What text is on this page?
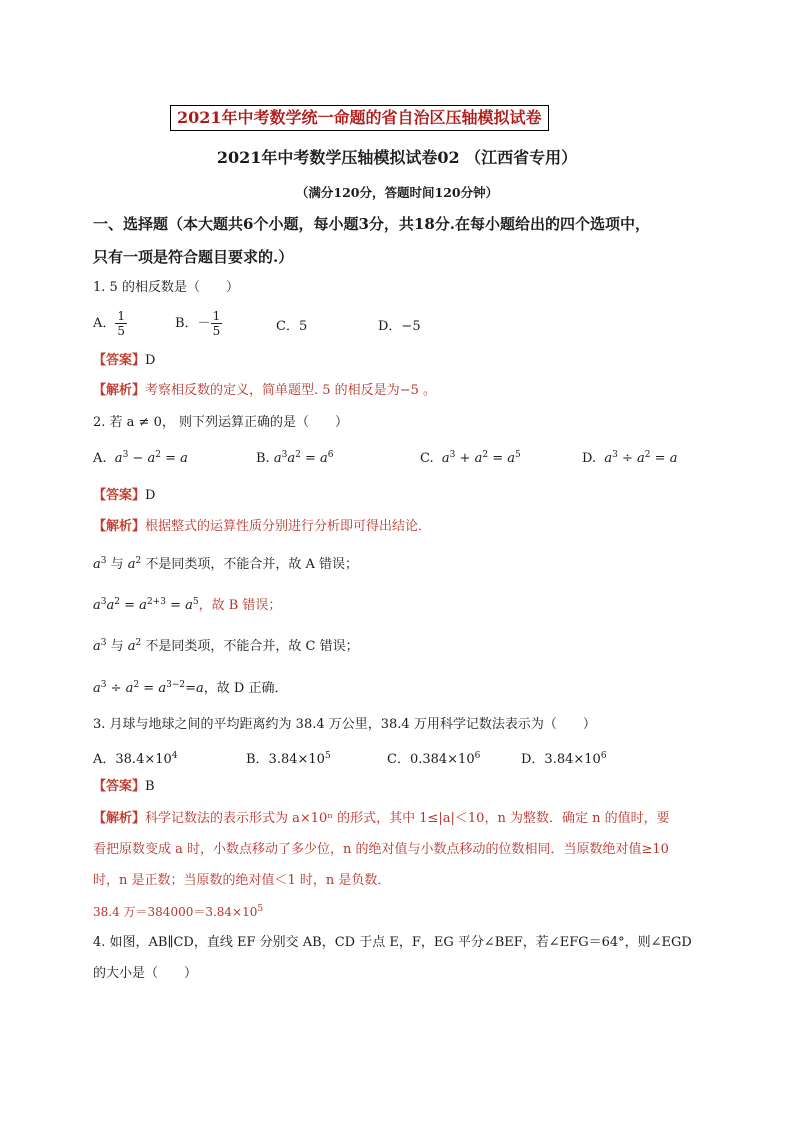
2021年中考数学统一命题的省自治区压轴模拟试卷
2021年中考数学压轴模拟试卷02 （江西省专用）
（满分120分，答题时间120分钟）
一、选择题（本大题共6个小题，每小题3分，共18分.在每小题给出的四个选项中，
只有一项是符合题目要求的.）
1. 5 的相反数是（　　）
A． $\frac{1}{5}$	B．－ $\frac{1}{5}$	C．5	D．−5
【答案】D
【解析】考察相反数的定义，简单题型. 5 的相反是为−5 。
2. 若 a ≠ 0， 则下列运算正确的是（　　）
A. $a^3 - a^2 = a$	B. $a^3a^2 = a^6$	C. $a^3 + a^2 = a^5$	D. $a^3 \div a^2 = a$
【答案】D
【解析】根据整式的运算性质分别进行分析即可得出结论．
$a^3$ 与 $a^2$ 不是同类项，不能合并，故 A 错误；
$a^3a^2 = a^{2+3} = a^5$，故 B 错误；
$a^3$ 与 $a^2$ 不是同类项，不能合并，故 C 错误；
$a^3 \div a^2 = a^{3-2}=a$，故 D 正确．
3. 月球与地球之间的平均距离约为 38.4 万公里，38.4 万用科学记数法表示为（　　）
A．$38.4\times 10^4$	B．$3.84\times 10^5$	C．$0.384\times 10^6$	D．$3.84\times 10^6$
【答案】B
【解析】科学记数法的表示形式为 a×10ⁿ 的形式，其中 1≤|a|＜10，n 为整数．确定 n 的值时，要
看把原数变成 a 时，小数点移动了多少位，n 的绝对值与小数点移动的位数相同．当原数绝对值≥10
时，n 是正数；当原数的绝对值＜1 时，n 是负数．
38.4 万$=384000=3.84\times 10^5$
4. 如图，AB∥CD，直线 EF 分别交 AB，CD 于点 E，F，EG 平分∠BEF，若∠EFG＝64°，则∠EGD
的大小是（　　）
